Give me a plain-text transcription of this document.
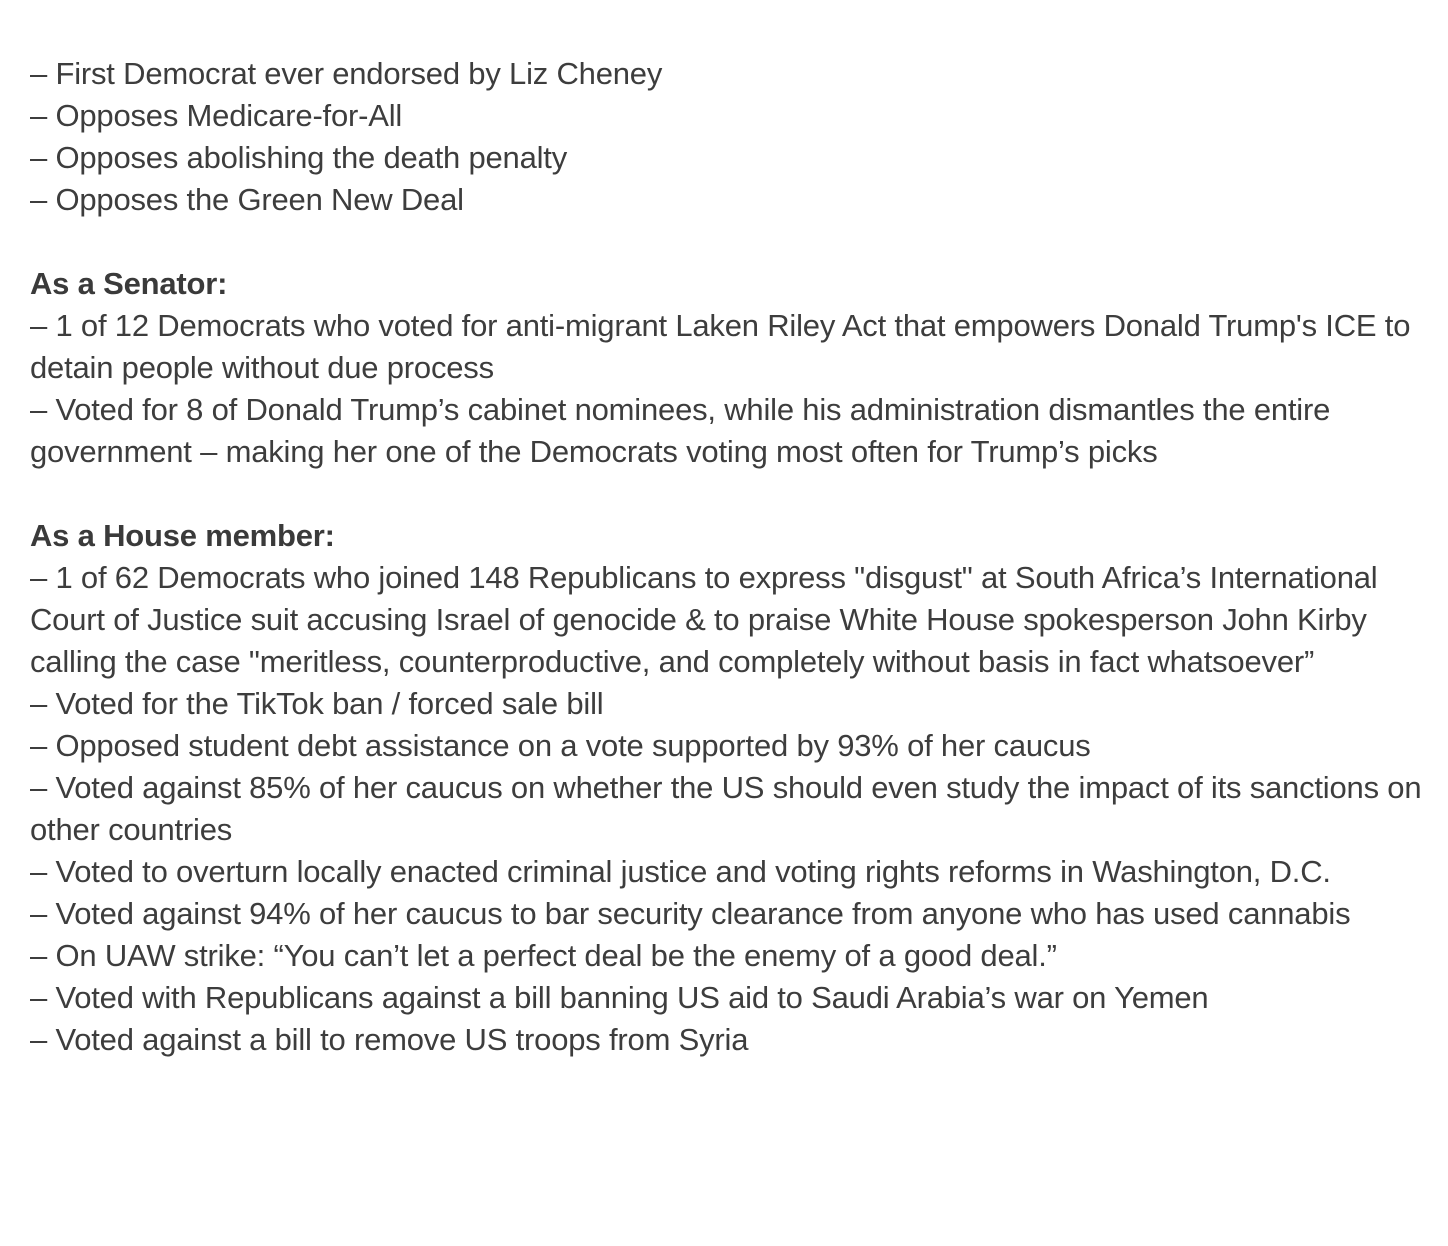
– First Democrat ever endorsed by Liz Cheney
– Opposes Medicare-for-All
– Opposes abolishing the death penalty
– Opposes the Green New Deal
As a Senator:
– 1 of 12 Democrats who voted for anti-migrant Laken Riley Act that empowers Donald Trump's ICE to detain people without due process
– Voted for 8 of Donald Trump’s cabinet nominees, while his administration dismantles the entire government – making her one of the Democrats voting most often for Trump’s picks
As a House member:
– 1 of 62 Democrats who joined 148 Republicans to express "disgust" at South Africa’s International Court of Justice suit accusing Israel of genocide & to praise White House spokesperson John Kirby calling the case "meritless, counterproductive, and completely without basis in fact whatsoever”
– Voted for the TikTok ban / forced sale bill
– Opposed student debt assistance on a vote supported by 93% of her caucus
– Voted against 85% of her caucus on whether the US should even study the impact of its sanctions on other countries
– Voted to overturn locally enacted criminal justice and voting rights reforms in Washington, D.C.
– Voted against 94% of her caucus to bar security clearance from anyone who has used cannabis
– On UAW strike: “You can’t let a perfect deal be the enemy of a good deal.”
– Voted with Republicans against a bill banning US aid to Saudi Arabia’s war on Yemen
– Voted against a bill to remove US troops from Syria
